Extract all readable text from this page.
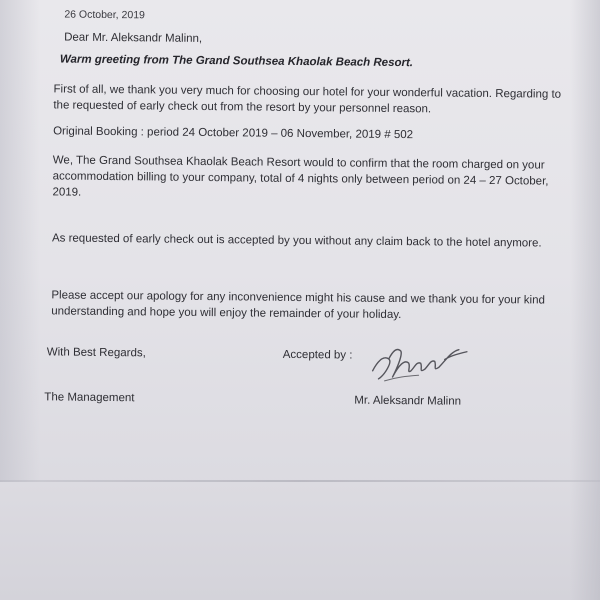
26 October, 2019
Dear Mr. Aleksandr Malinn,
Warm greeting from The Grand Southsea Khaolak Beach Resort.
First of all, we thank you very much for choosing our hotel for your wonderful vacation. Regarding to the requested of early check out from the resort by your personnel reason.
Original Booking : period 24 October 2019 – 06 November, 2019 # 502
We, The Grand Southsea Khaolak Beach Resort would to confirm that the room charged on your accommodation billing to your company, total of 4 nights only between period on 24 – 27 October, 2019.
As requested of early check out is accepted by you without any claim back to the hotel anymore.
Please accept our apology for any inconvenience might his cause and we thank you for your kind understanding and hope you will enjoy the remainder of your holiday.
With Best Regards,	Accepted by :
The Management	Mr. Aleksandr Malinn
